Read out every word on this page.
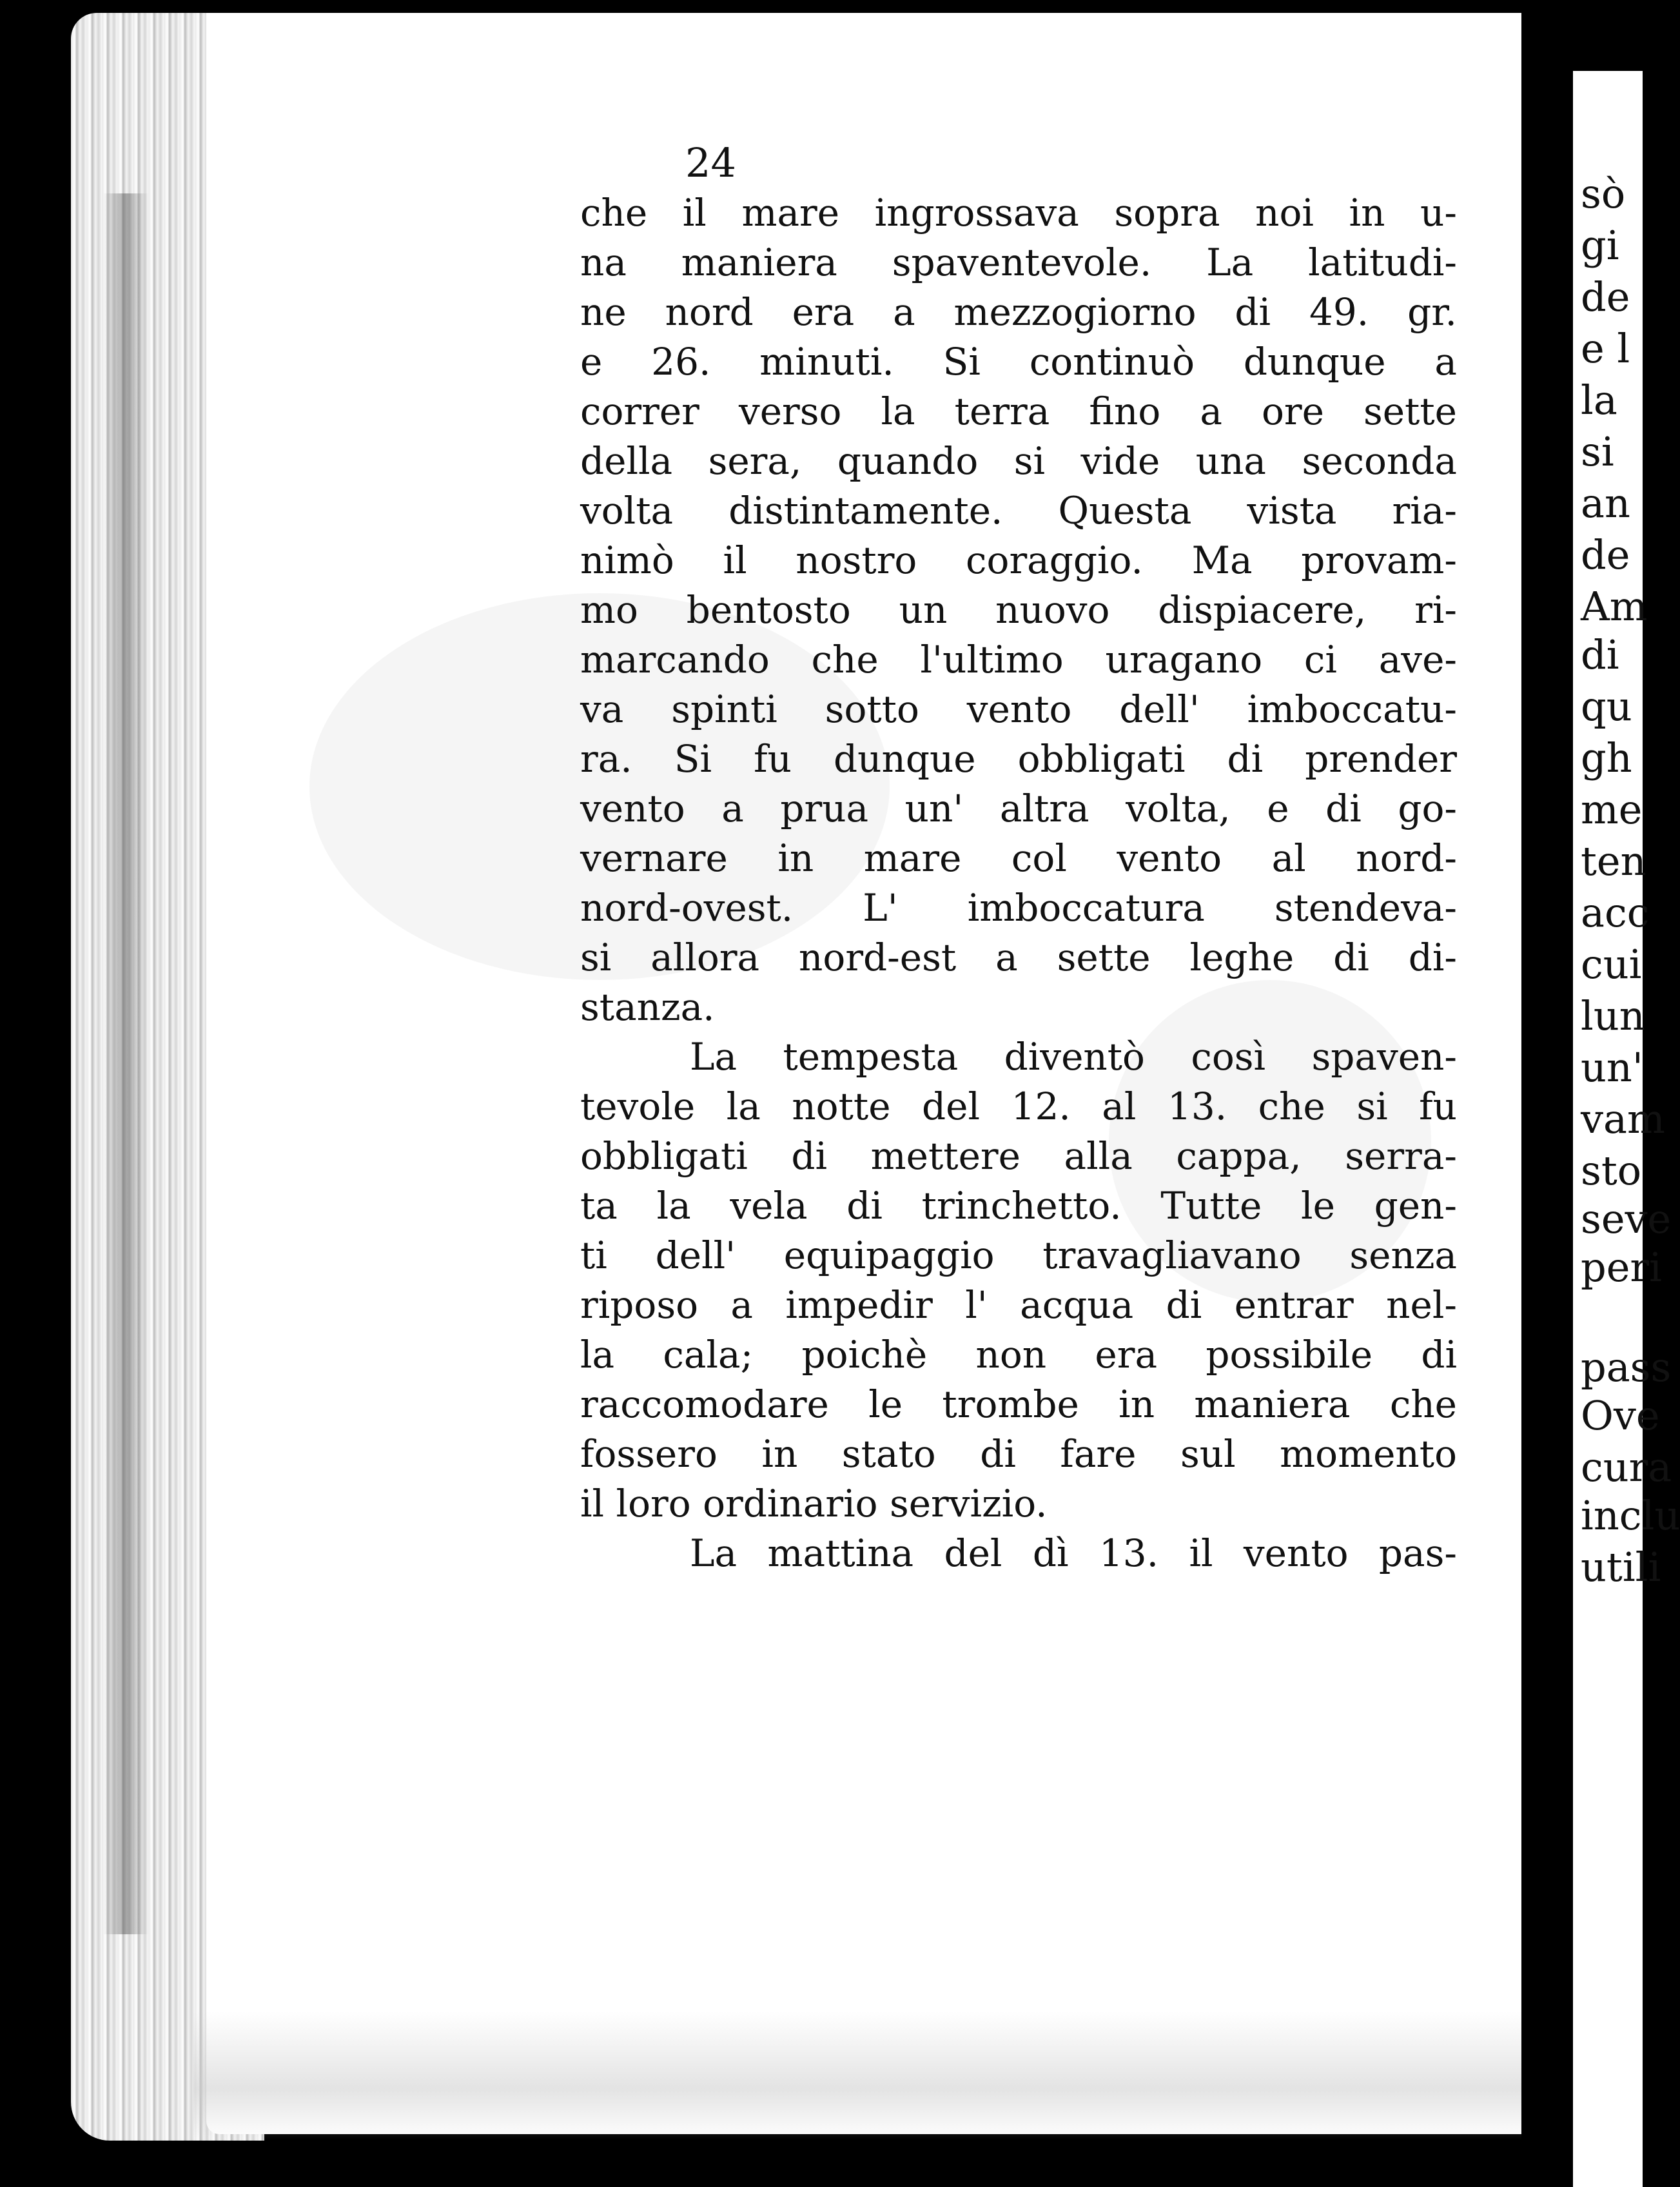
24
che il mare ingrossava sopra noi in u-
na maniera spaventevole. La latitudi-
ne nord era a mezzogiorno di 49. gr.
e 26. minuti. Si continuò dunque a
correr verso la terra fino a ore sette
della sera, quando si vide una seconda
volta distintamente. Questa vista ria-
nimò il nostro coraggio. Ma provam-
mo bentosto un nuovo dispiacere, ri-
marcando che l'ultimo uragano ci ave-
va spinti sotto vento dell' imboccatu-
ra. Si fu dunque obbligati di prender
vento a prua un' altra volta, e di go-
vernare in mare col vento al nord-
nord-ovest. L' imboccatura stendeva-
si allora nord-est a sette leghe di di-
stanza.
La tempesta diventò così spaven-
tevole la notte del 12. al 13. che si fu
obbligati di mettere alla cappa, serra-
ta la vela di trinchetto. Tutte le gen-
ti dell' equipaggio travagliavano senza
riposo a impedir l' acqua di entrar nel-
la cala; poichè non era possibile di
raccomodare le trombe in maniera che
fossero in stato di fare sul momento
il loro ordinario servizio.
La mattina del dì 13. il vento pas-
sò
gi
de
e l
la
si
an
de
Am
di
qu
gh
me
ten
acc
cui
lun
un'
vam
sto
seve
peri
pass
Ove
cura
inclu
utili
